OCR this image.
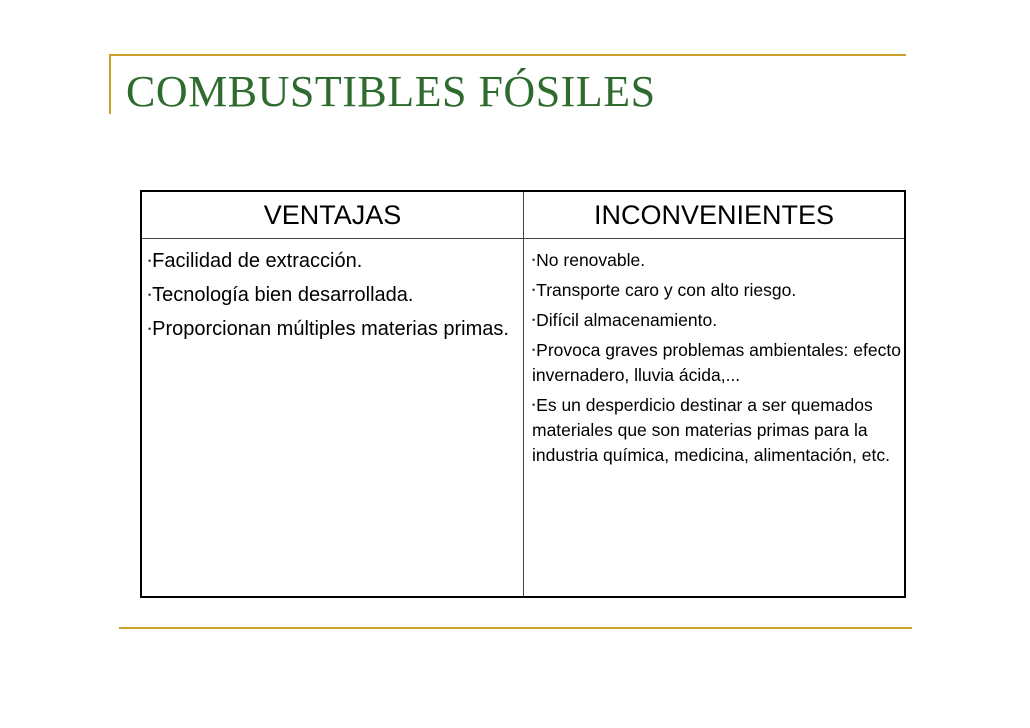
COMBUSTIBLES FÓSILES
VENTAJAS	INCONVENIENTES
•Facilidad de extracción.
•Tecnología bien desarrollada.
•Proporcionan múltiples materias primas.
•No renovable.
•Transporte caro y con alto riesgo.
•Difícil almacenamiento.
•Provoca graves problemas ambientales: efecto invernadero, lluvia ácida,...
•Es un desperdicio destinar a ser quemados materiales que son materias primas para la industria química, medicina, alimentación, etc.
